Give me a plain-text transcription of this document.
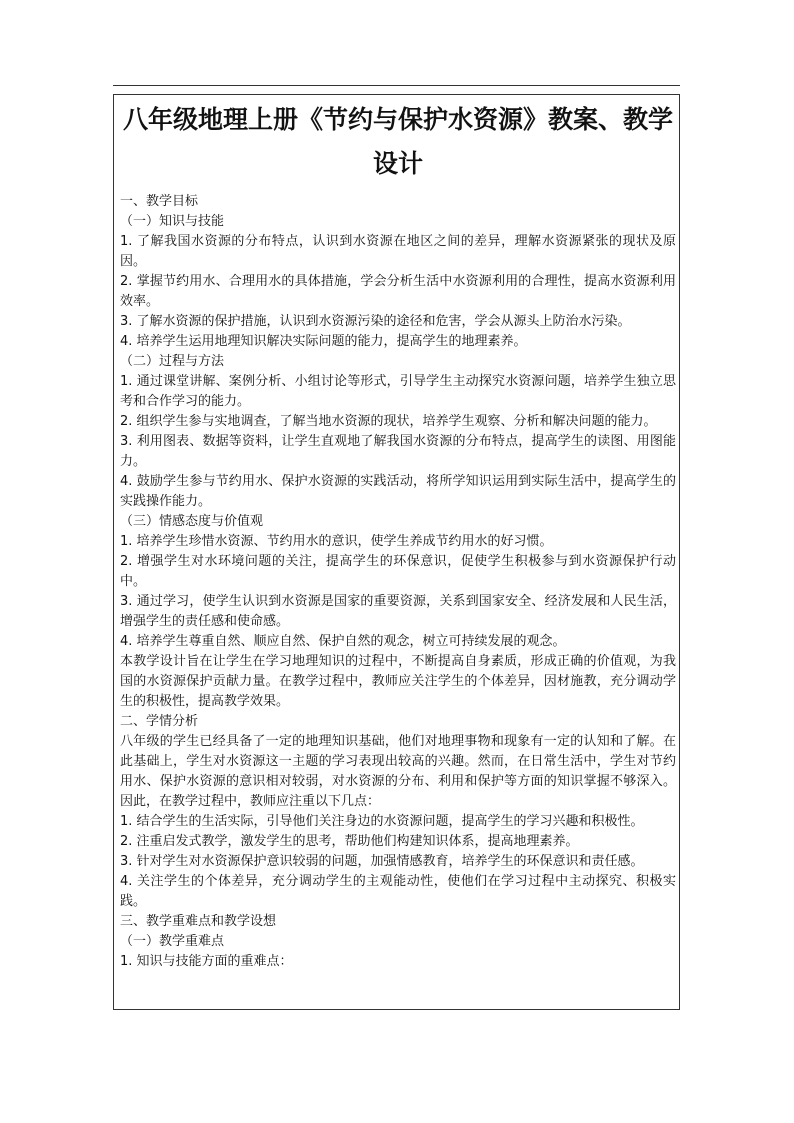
八年级地理上册《节约与保护水资源》教案、教学设计

一、教学目标

（一）知识与技能

1. 了解我国水资源的分布特点，认识到水资源在地区之间的差异，理解水资源紧张的现状及原因。

2. 掌握节约用水、合理用水的具体措施，学会分析生活中水资源利用的合理性，提高水资源利用效率。

3. 了解水资源的保护措施，认识到水资源污染的途径和危害，学会从源头上防治水污染。

4. 培养学生运用地理知识解决实际问题的能力，提高学生的地理素养。

（二）过程与方法

1. 通过课堂讲解、案例分析、小组讨论等形式，引导学生主动探究水资源问题，培养学生独立思考和合作学习的能力。

2. 组织学生参与实地调查，了解当地水资源的现状，培养学生观察、分析和解决问题的能力。

3. 利用图表、数据等资料，让学生直观地了解我国水资源的分布特点，提高学生的读图、用图能力。

4. 鼓励学生参与节约用水、保护水资源的实践活动，将所学知识运用到实际生活中，提高学生的实践操作能力。

（三）情感态度与价值观

1. 培养学生珍惜水资源、节约用水的意识，使学生养成节约用水的好习惯。

2. 增强学生对水环境问题的关注，提高学生的环保意识，促使学生积极参与到水资源保护行动中。

3. 通过学习，使学生认识到水资源是国家的重要资源，关系到国家安全、经济发展和人民生活，增强学生的责任感和使命感。

4. 培养学生尊重自然、顺应自然、保护自然的观念，树立可持续发展的观念。

本教学设计旨在让学生在学习地理知识的过程中，不断提高自身素质，形成正确的价值观，为我国的水资源保护贡献力量。在教学过程中，教师应关注学生的个体差异，因材施教，充分调动学生的积极性，提高教学效果。

二、学情分析

八年级的学生已经具备了一定的地理知识基础，他们对地理事物和现象有一定的认知和了解。在此基础上，学生对水资源这一主题的学习表现出较高的兴趣。然而，在日常生活中，学生对节约用水、保护水资源的意识相对较弱，对水资源的分布、利用和保护等方面的知识掌握不够深入。因此，在教学过程中，教师应注重以下几点：

1. 结合学生的生活实际，引导他们关注身边的水资源问题，提高学生的学习兴趣和积极性。

2. 注重启发式教学，激发学生的思考，帮助他们构建知识体系，提高地理素养。

3. 针对学生对水资源保护意识较弱的问题，加强情感教育，培养学生的环保意识和责任感。

4. 关注学生的个体差异，充分调动学生的主观能动性，使他们在学习过程中主动探究、积极实践。

三、教学重难点和教学设想

（一）教学重难点

1. 知识与技能方面的重难点：
